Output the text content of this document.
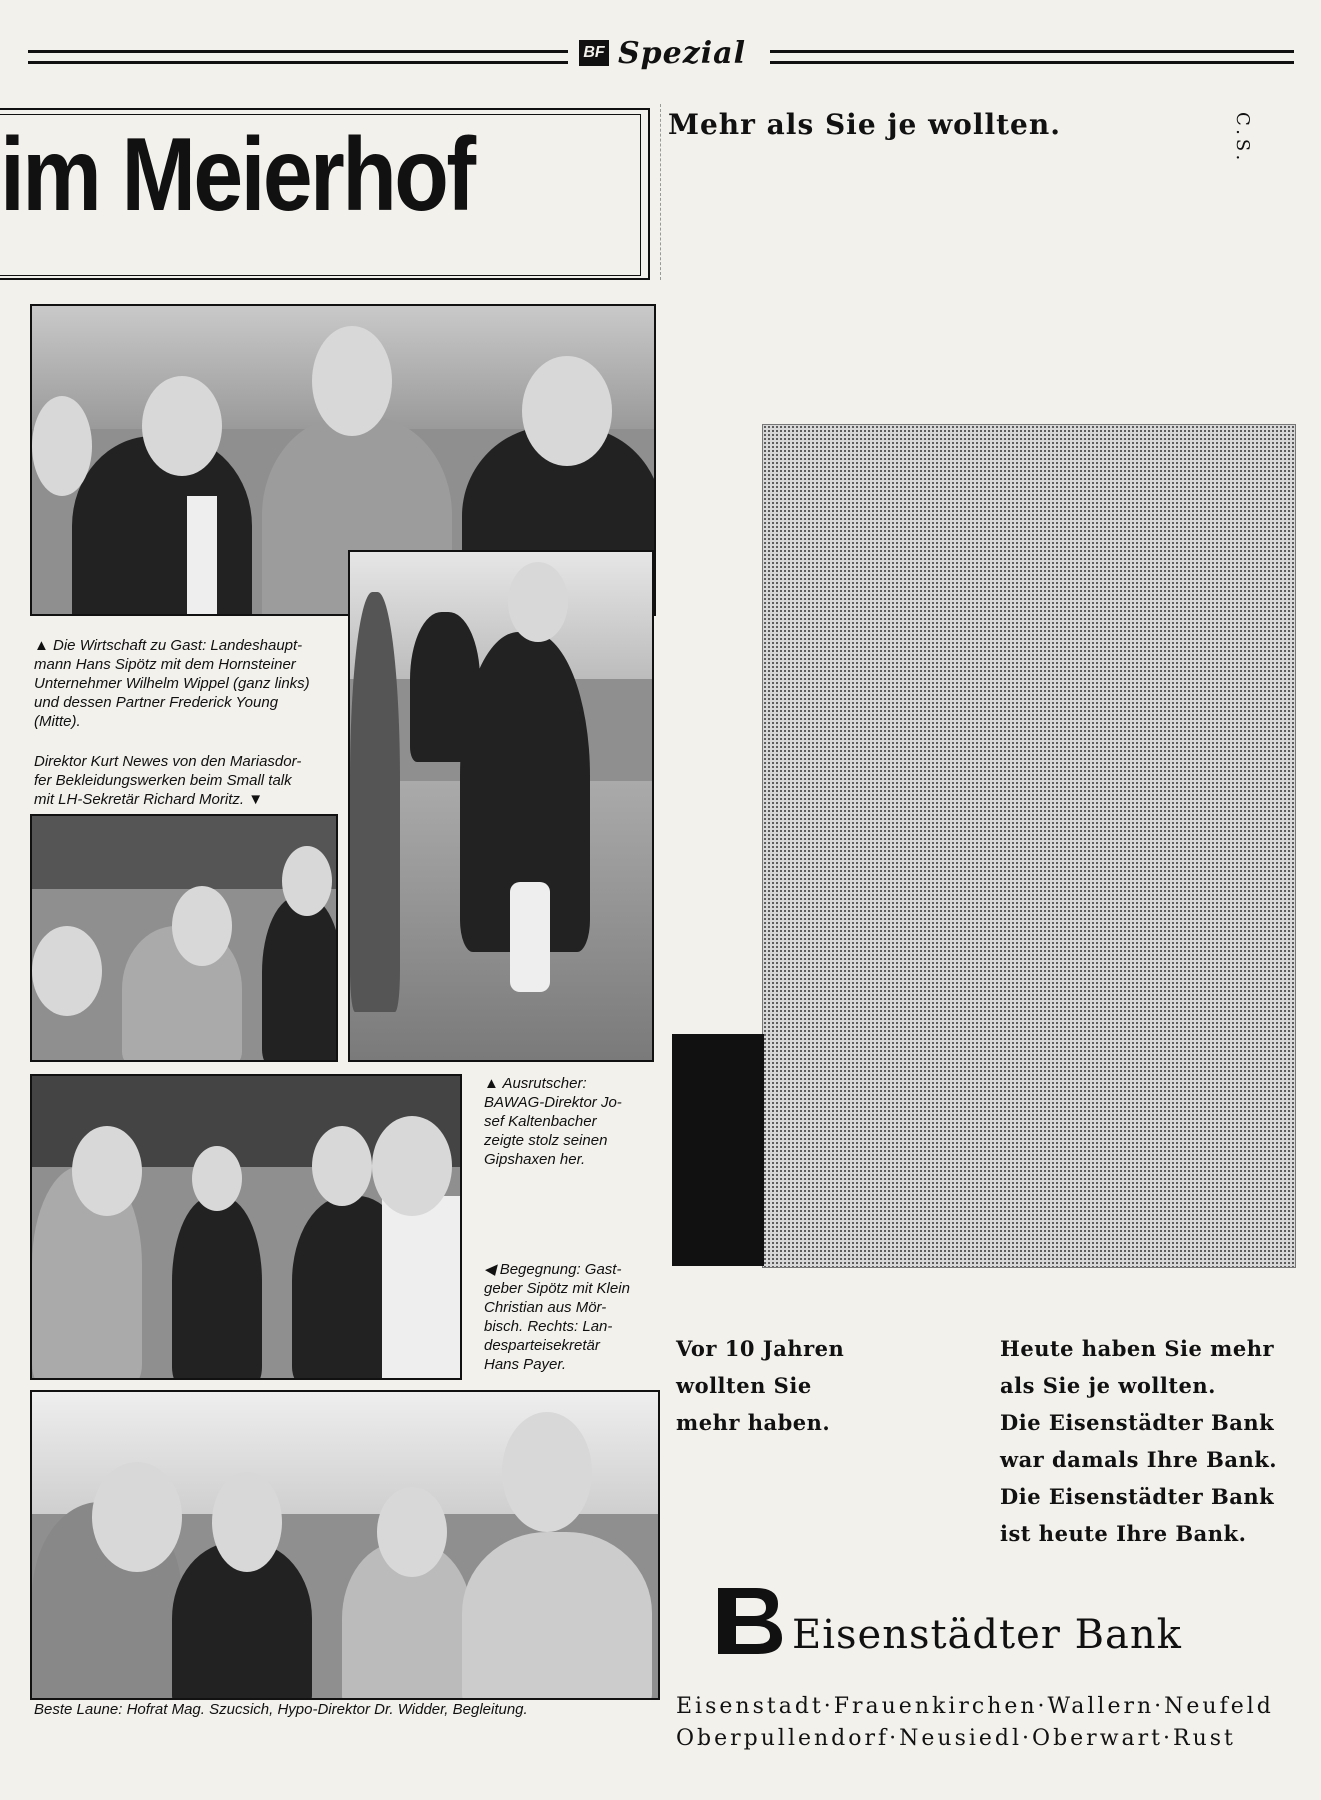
BF Spezial
im Meierhof
▲ Die Wirtschaft zu Gast: Landeshaupt-
mann Hans Sipötz mit dem Hornsteiner
Unternehmer Wilhelm Wippel (ganz links)
und dessen Partner Frederick Young
(Mitte).
Direktor Kurt Newes von den Mariasdor-
fer Bekleidungswerken beim Small talk
mit LH-Sekretär Richard Moritz. ▼
▲ Ausrutscher:
BAWAG-Direktor Jo-
sef Kaltenbacher
zeigte stolz seinen
Gipshaxen her.
◀ Begegnung: Gast-
geber Sipötz mit Klein
Christian aus Mör-
bisch. Rechts: Lan-
desparteisekretär
Hans Payer.
Beste Laune: Hofrat Mag. Szucsich, Hypo-Direktor Dr. Widder, Begleitung.
Mehr als Sie je wollten.	C.S.
Vor 10 Jahren
wollten Sie
mehr haben.
Heute haben Sie mehr
als Sie je wollten.
Die Eisenstädter Bank
war damals Ihre Bank.
Die Eisenstädter Bank
ist heute Ihre Bank.
Eisenstädter Bank
Eisenstadt·Frauenkirchen·Wallern·Neufeld
Oberpullendorf·Neusiedl·Oberwart·Rust
